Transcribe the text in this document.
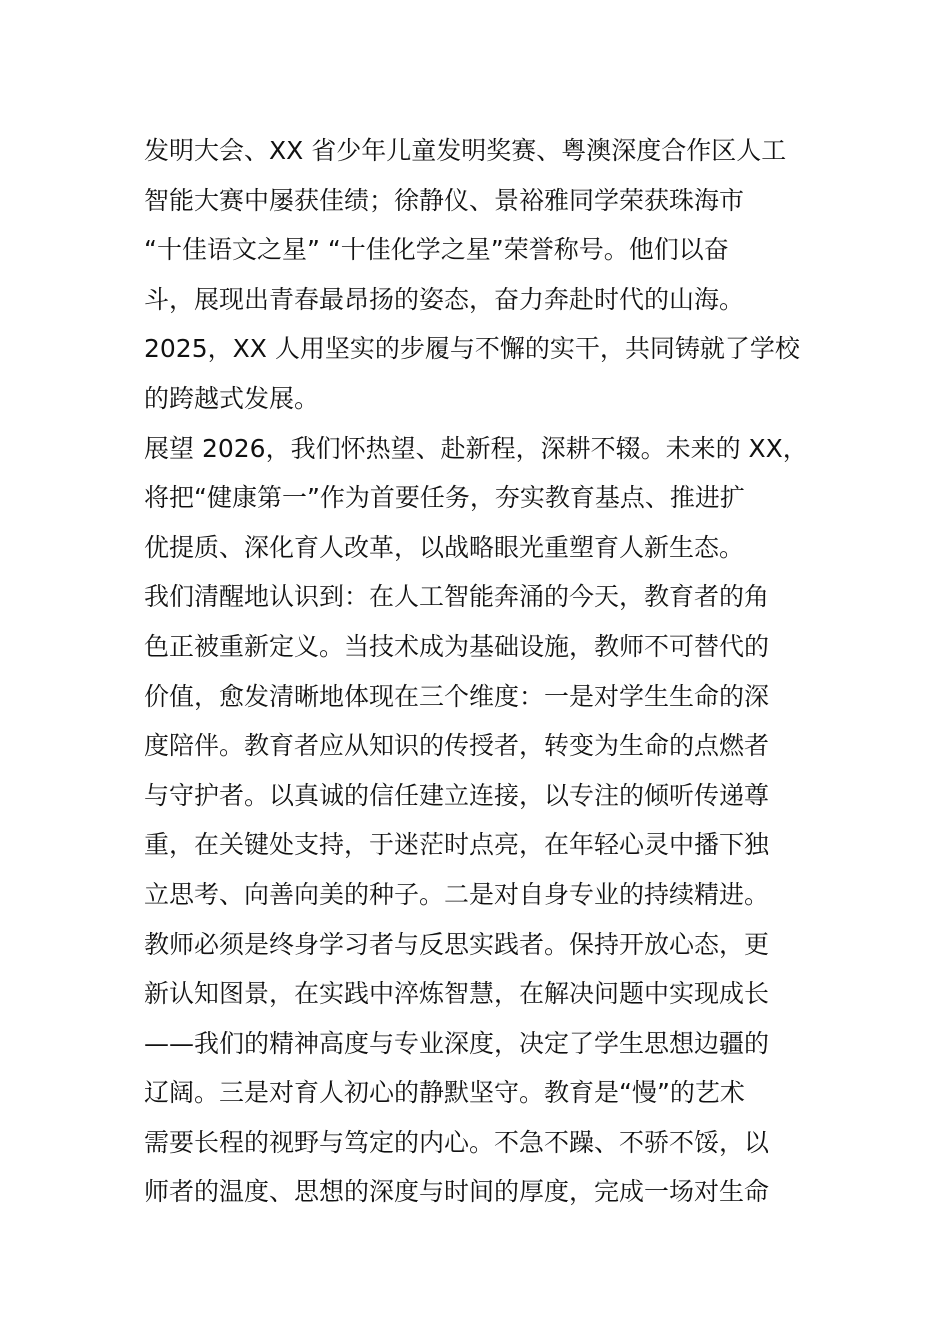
发明大会、XX 省少年儿童发明奖赛、粤澳深度合作区人工
智能大赛中屡获佳绩；徐静仪、景裕雅同学荣获珠海市
“十佳语文之星” “十佳化学之星”荣誉称号。他们以奋
斗，展现出青春最昂扬的姿态，奋力奔赴时代的山海。
2025，XX 人用坚实的步履与不懈的实干，共同铸就了学校
的跨越式发展。
展望 2026，我们怀热望、赴新程，深耕不辍。未来的 XX，
将把“健康第一”作为首要任务，夯实教育基点、推进扩
优提质、深化育人改革，以战略眼光重塑育人新生态。
我们清醒地认识到：在人工智能奔涌的今天，教育者的角
色正被重新定义。当技术成为基础设施，教师不可替代的
价值，愈发清晰地体现在三个维度：一是对学生生命的深
度陪伴。教育者应从知识的传授者，转变为生命的点燃者
与守护者。以真诚的信任建立连接，以专注的倾听传递尊
重，在关键处支持，于迷茫时点亮，在年轻心灵中播下独
立思考、向善向美的种子。二是对自身专业的持续精进。
教师必须是终身学习者与反思实践者。保持开放心态，更
新认知图景，在实践中淬炼智慧，在解决问题中实现成长
——我们的精神高度与专业深度，决定了学生思想边疆的
辽阔。三是对育人初心的静默坚守。教育是“慢”的艺术
需要长程的视野与笃定的内心。不急不躁、不骄不馁，以
师者的温度、思想的深度与时间的厚度，完成一场对生命
